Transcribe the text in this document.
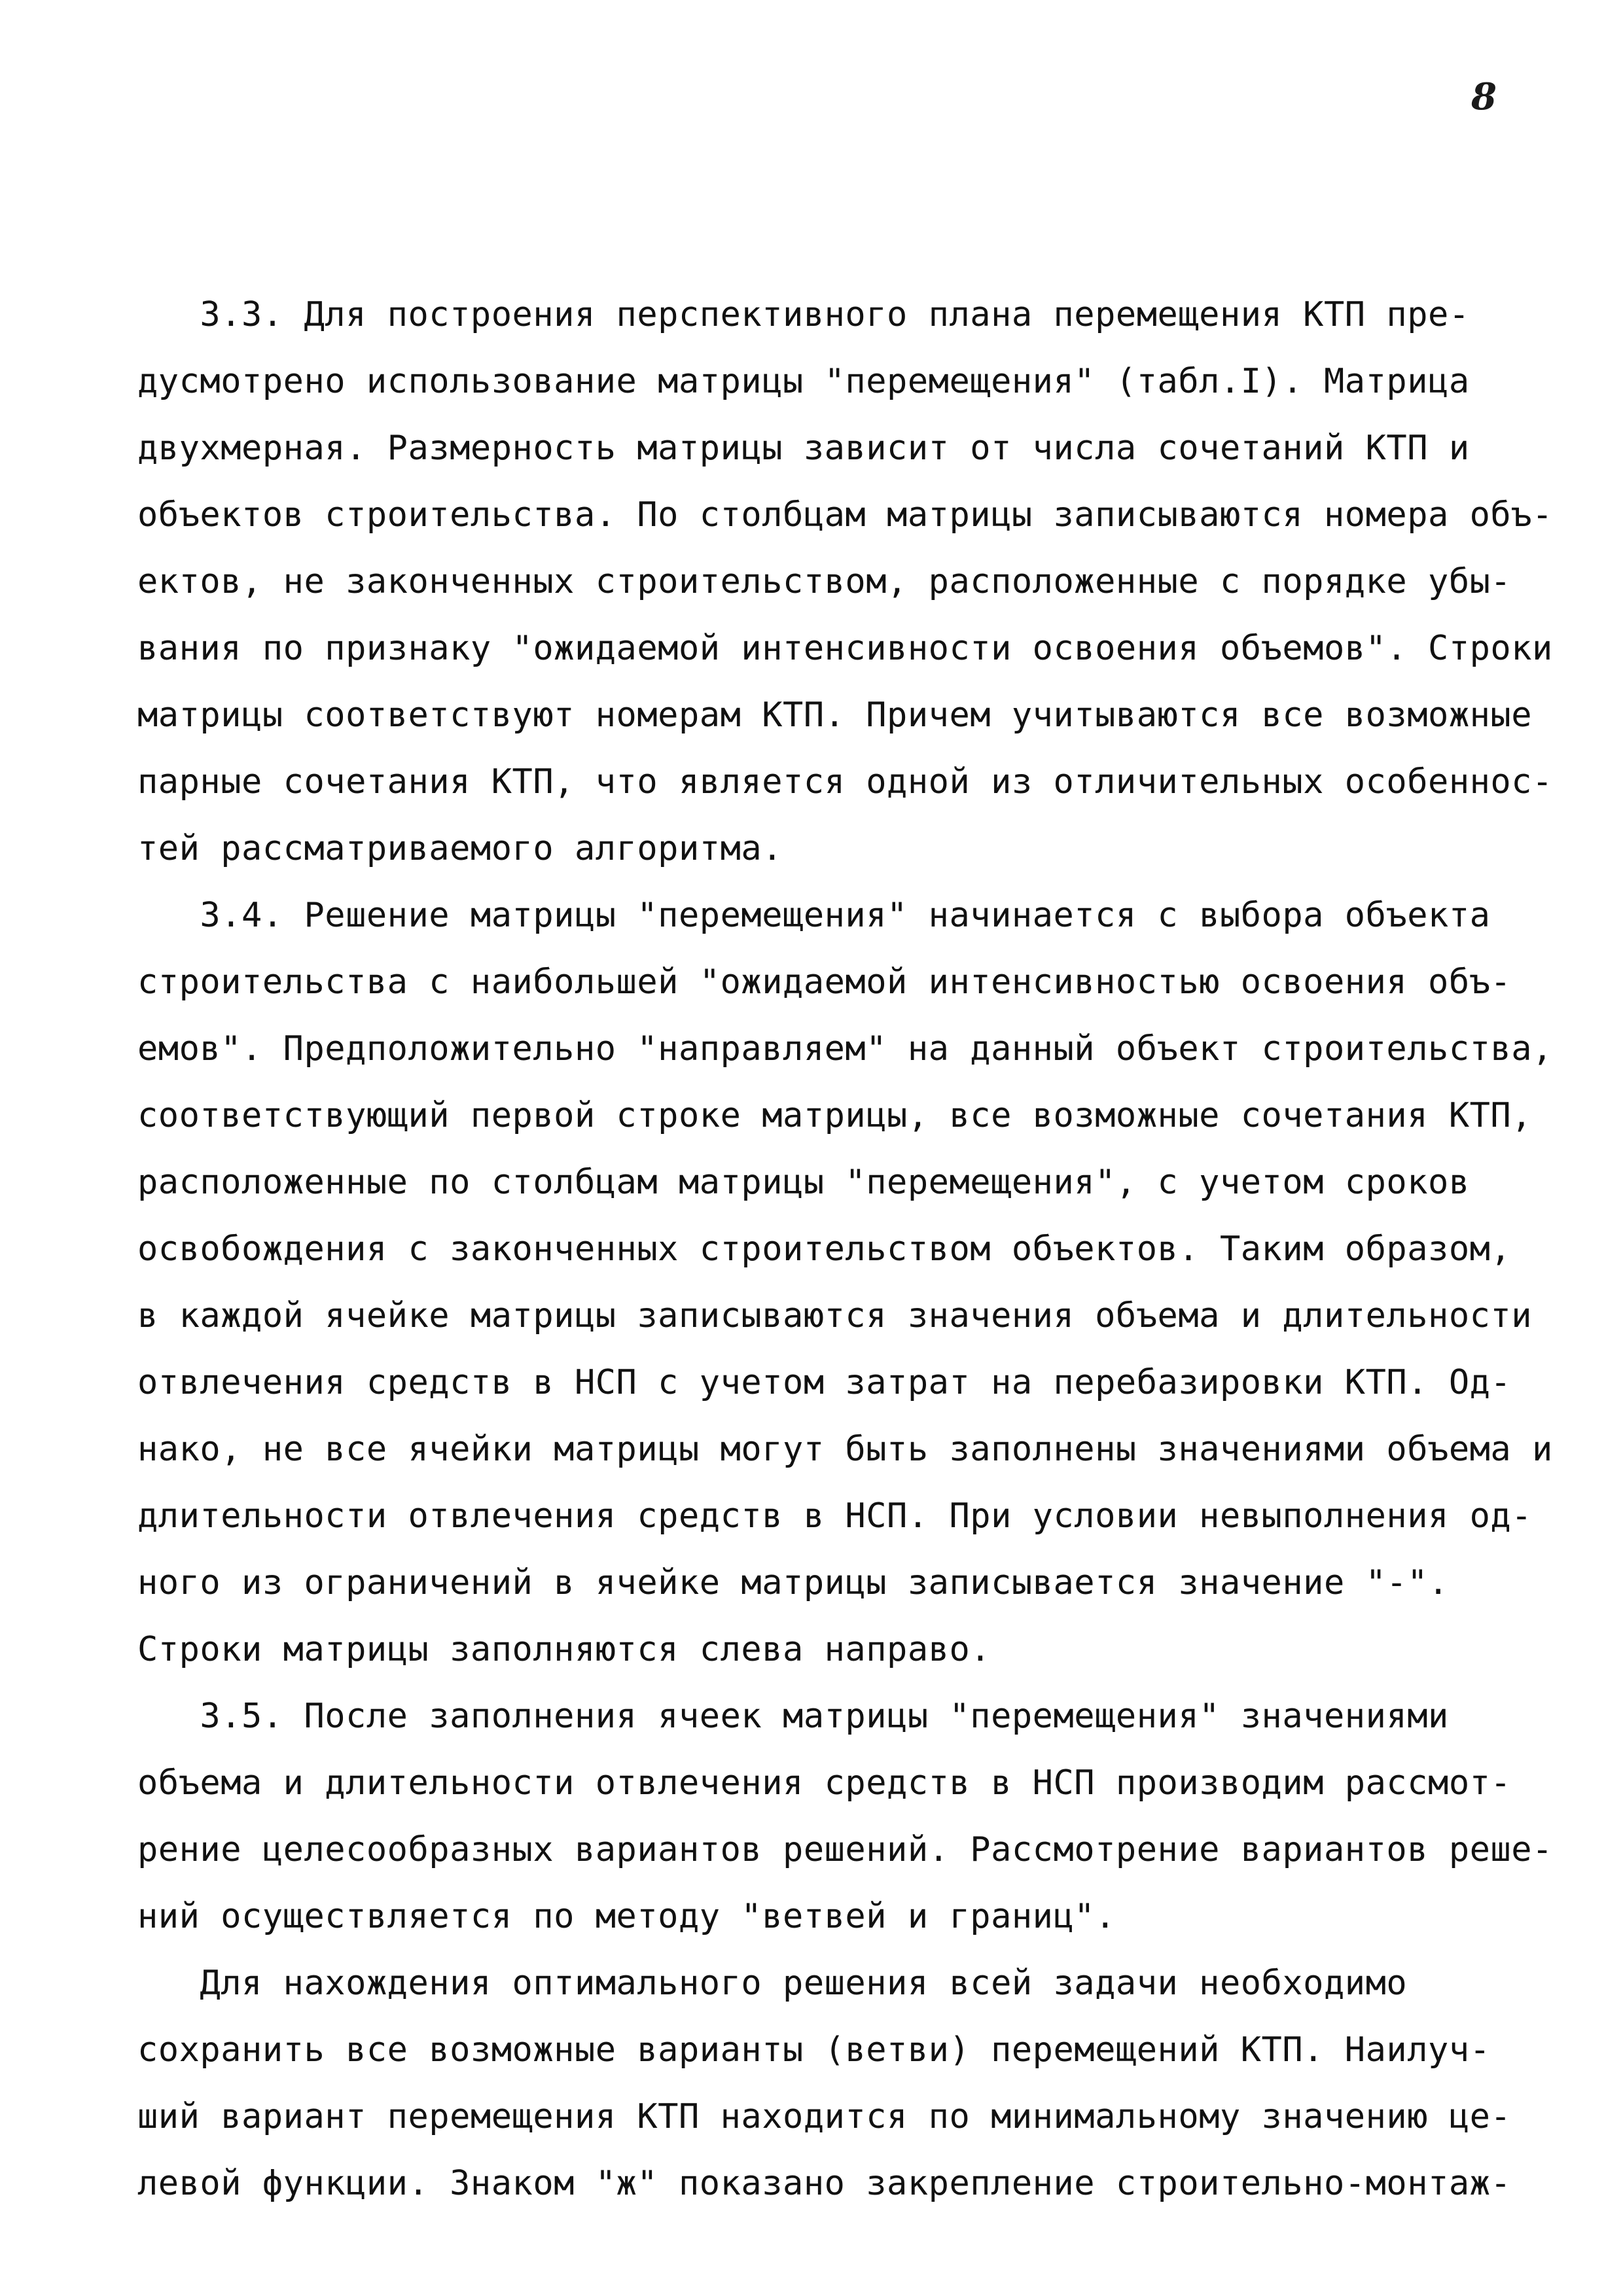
8
3.3. Для построения перспективного плана перемещения КТП пре-
дусмотрено использование матрицы "перемещения" (табл.I). Матрица
двухмерная. Размерность матрицы зависит от числа сочетаний КТП и
объектов строительства. По столбцам матрицы записываются номера объ-
ектов, не законченных строительством, расположенные с порядке убы-
вания по признаку "ожидаемой интенсивности освоения объемов". Строки
матрицы соответствуют номерам КТП. Причем учитываются все возможные
парные сочетания КТП, что является одной из отличительных особеннос-
тей рассматриваемого алгоритма.
3.4. Решение матрицы "перемещения" начинается с выбора объекта
строительства с наибольшей "ожидаемой интенсивностью освоения объ-
емов". Предположительно "направляем" на данный объект строительства,
соответствующий первой строке матрицы, все возможные сочетания КТП,
расположенные по столбцам матрицы "перемещения", с учетом сроков
освобождения с законченных строительством объектов. Таким образом,
в каждой ячейке матрицы записываются значения объема и длительности
отвлечения средств в НСП с учетом затрат на перебазировки КТП. Од-
нако, не все ячейки матрицы могут быть заполнены значениями объема и
длительности отвлечения средств в НСП. При условии невыполнения од-
ного из ограничений в ячейке матрицы записывается значение "-".
Строки матрицы заполняются слева направо.
3.5. После заполнения ячеек матрицы "перемещения" значениями
объема и длительности отвлечения средств в НСП производим рассмот-
рение целесообразных вариантов решений. Рассмотрение вариантов реше-
ний осуществляется по методу "ветвей и границ".
Для нахождения оптимального решения всей задачи необходимо
сохранить все возможные варианты (ветви) перемещений КТП. Наилуч-
ший вариант перемещения КТП находится по минимальному значению це-
левой функции. Знаком "ж" показано закрепление строительно-монтаж-
